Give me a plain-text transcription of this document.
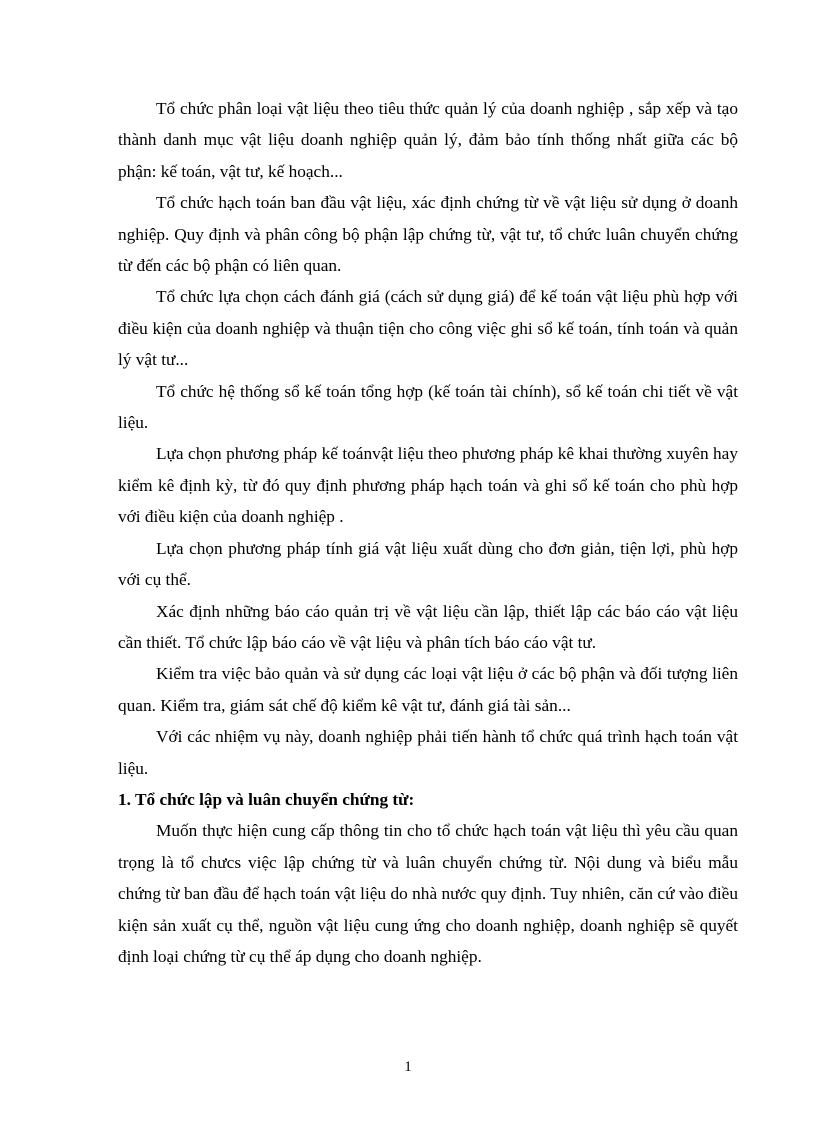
Tổ chức phân loại vật liệu theo tiêu thức quản lý của doanh nghiệp , sắp xếp và tạo thành danh mục vật liệu doanh nghiệp quản lý, đảm bảo tính thống nhất giữa các bộ phận: kế toán, vật tư, kế hoạch...

Tổ chức hạch toán ban đầu vật liệu, xác định chứng từ về vật liệu sử dụng ở doanh nghiệp. Quy định và phân công bộ phận lập chứng từ, vật tư, tổ chức luân chuyển chứng từ đến các bộ phận có liên quan.

Tổ chức lựa chọn cách đánh giá (cách sử dụng giá) để kế toán vật liệu phù hợp với điều kiện của doanh nghiệp và thuận tiện cho công việc ghi sổ kế toán, tính toán và quản lý vật tư...

Tổ chức hệ thống sổ kế toán tổng hợp (kế toán tài chính), sổ kế toán chi tiết về vật liệu.

Lựa chọn phương pháp kế toánvật liệu theo phương pháp kê khai thường xuyên hay kiểm kê định kỳ, từ đó quy định phương pháp hạch toán và ghi sổ kế toán cho phù hợp với điều kiện của doanh nghiệp .

Lựa chọn phương pháp tính giá vật liệu xuất dùng cho đơn giản, tiện lợi, phù hợp với cụ thể.

Xác định những báo cáo quản trị về vật liệu cần lập, thiết lập các báo cáo vật liệu cần thiết. Tổ chức lập báo cáo về vật liệu và phân tích báo cáo vật tư.

Kiểm tra việc bảo quản và sử dụng các loại vật liệu ở các bộ phận và đối tượng liên quan. Kiểm tra, giám sát chế độ kiểm kê vật tư, đánh giá tài sản...

Với các nhiệm vụ này, doanh nghiệp phải tiến hành tổ chức quá trình hạch toán vật liệu.

1. Tổ chức lập và luân chuyển chứng từ:

Muốn thực hiện cung cấp thông tin cho tổ chức hạch toán vật liệu thì yêu cầu quan trọng là tổ chưcs việc lập chứng từ và luân chuyển chứng từ. Nội dung và biểu mẫu chứng từ ban đầu để hạch toán vật liệu do nhà nước quy định. Tuy nhiên, căn cứ vào điều kiện sản xuất cụ thể, nguồn vật liệu cung ứng cho doanh nghiệp, doanh nghiệp sẽ quyết định loại chứng từ cụ thể áp dụng cho doanh nghiệp.

1
